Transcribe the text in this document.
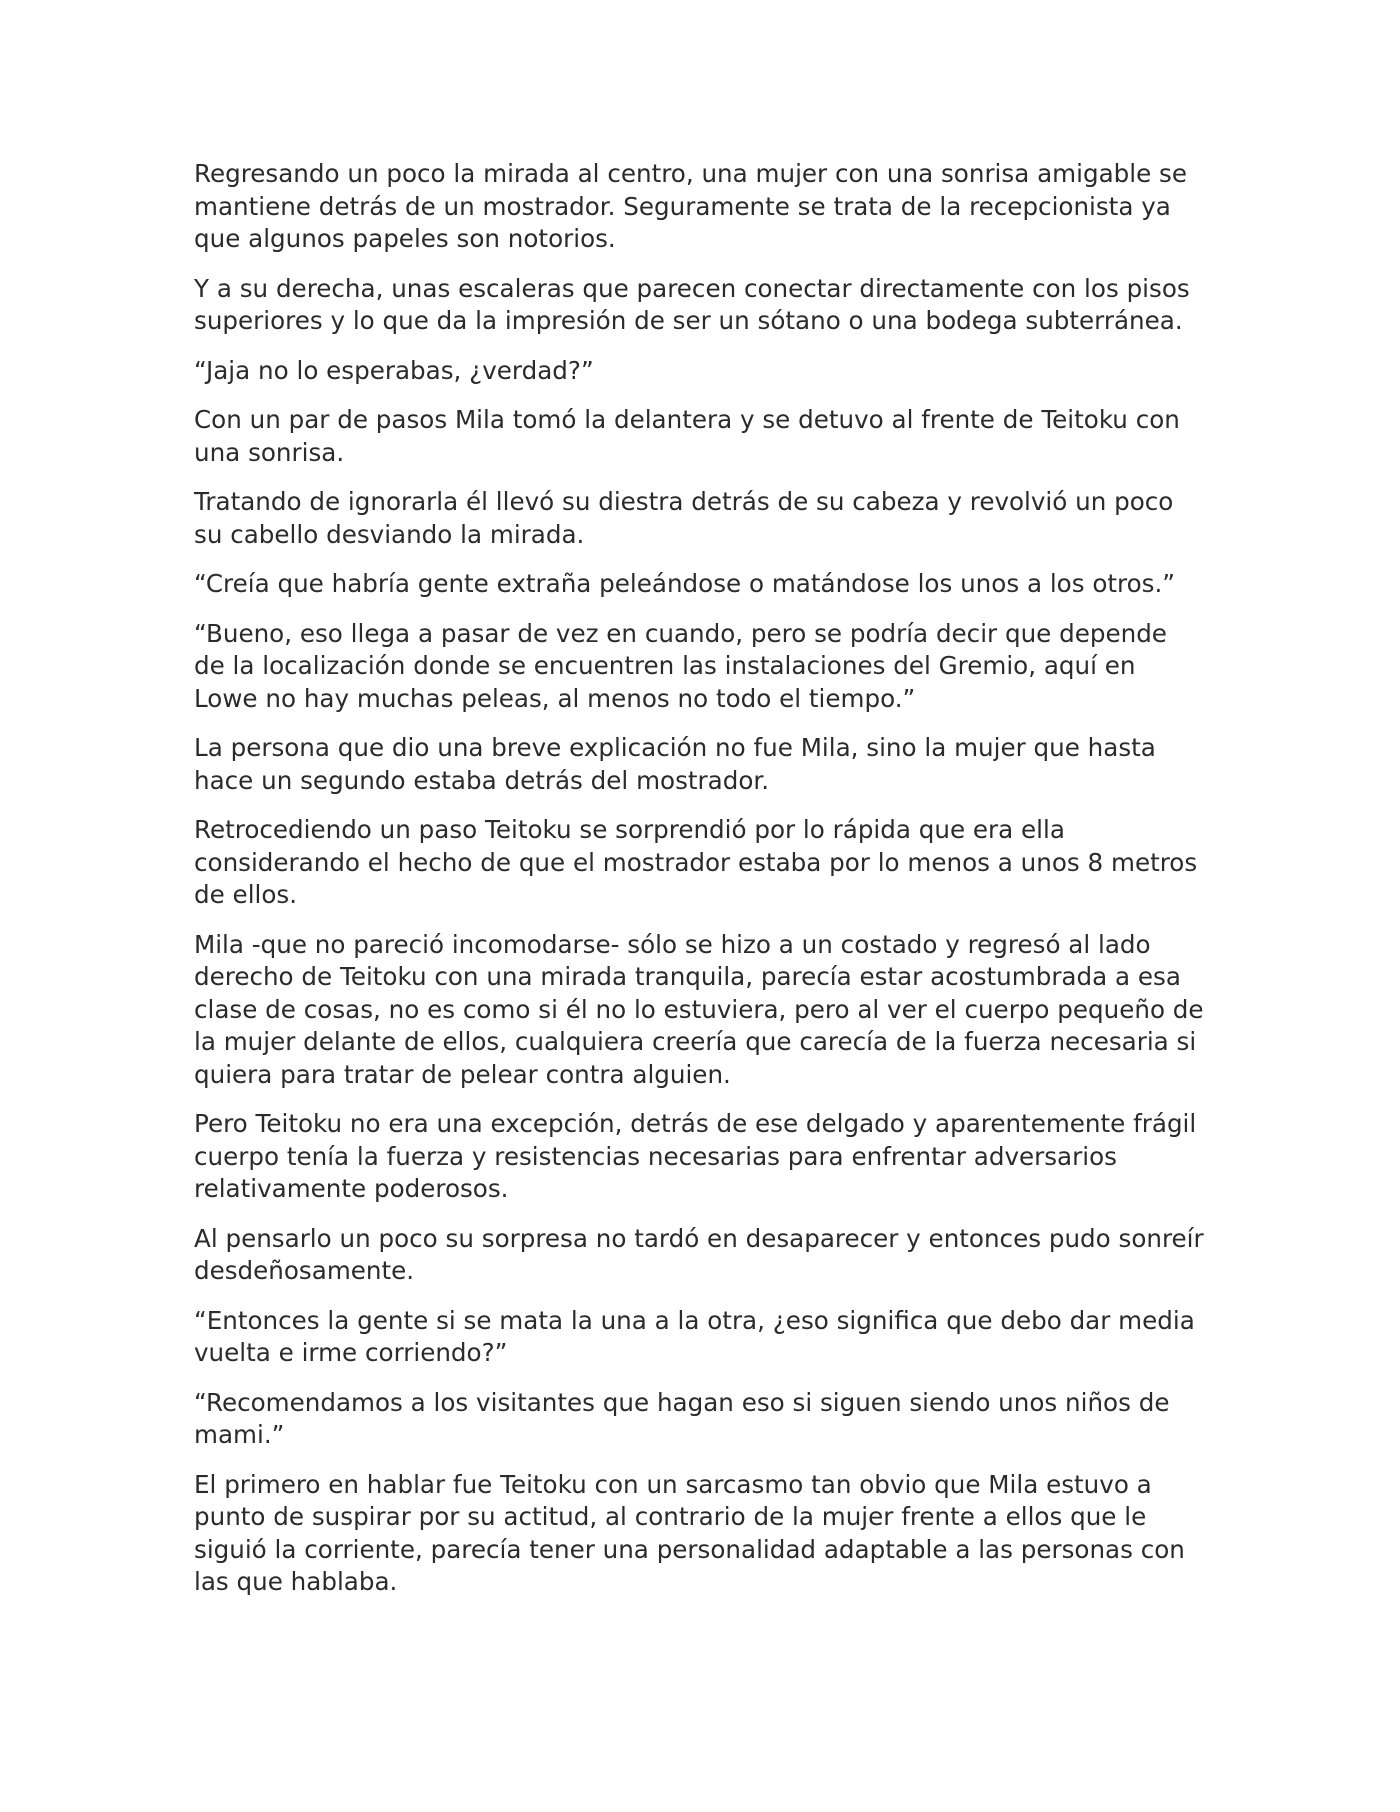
Regresando un poco la mirada al centro, una mujer con una sonrisa amigable se mantiene detrás de un mostrador. Seguramente se trata de la recepcionista ya que algunos papeles son notorios.

Y a su derecha, unas escaleras que parecen conectar directamente con los pisos superiores y lo que da la impresión de ser un sótano o una bodega subterránea.

“Jaja no lo esperabas, ¿verdad?”

Con un par de pasos Mila tomó la delantera y se detuvo al frente de Teitoku con una sonrisa.

Tratando de ignorarla él llevó su diestra detrás de su cabeza y revolvió un poco su cabello desviando la mirada.

“Creía que habría gente extraña peleándose o matándose los unos a los otros.”

“Bueno, eso llega a pasar de vez en cuando, pero se podría decir que depende de la localización donde se encuentren las instalaciones del Gremio, aquí en Lowe no hay muchas peleas, al menos no todo el tiempo.”

La persona que dio una breve explicación no fue Mila, sino la mujer que hasta hace un segundo estaba detrás del mostrador.

Retrocediendo un paso Teitoku se sorprendió por lo rápida que era ella considerando el hecho de que el mostrador estaba por lo menos a unos 8 metros de ellos.

Mila -que no pareció incomodarse- sólo se hizo a un costado y regresó al lado derecho de Teitoku con una mirada tranquila, parecía estar acostumbrada a esa clase de cosas, no es como si él no lo estuviera, pero al ver el cuerpo pequeño de la mujer delante de ellos, cualquiera creería que carecía de la fuerza necesaria si quiera para tratar de pelear contra alguien.

Pero Teitoku no era una excepción, detrás de ese delgado y aparentemente frágil cuerpo tenía la fuerza y resistencias necesarias para enfrentar adversarios relativamente poderosos.

Al pensarlo un poco su sorpresa no tardó en desaparecer y entonces pudo sonreír desdeñosamente.

“Entonces la gente si se mata la una a la otra, ¿eso significa que debo dar media vuelta e irme corriendo?”

“Recomendamos a los visitantes que hagan eso si siguen siendo unos niños de mami.”

El primero en hablar fue Teitoku con un sarcasmo tan obvio que Mila estuvo a punto de suspirar por su actitud, al contrario de la mujer frente a ellos que le siguió la corriente, parecía tener una personalidad adaptable a las personas con las que hablaba.
